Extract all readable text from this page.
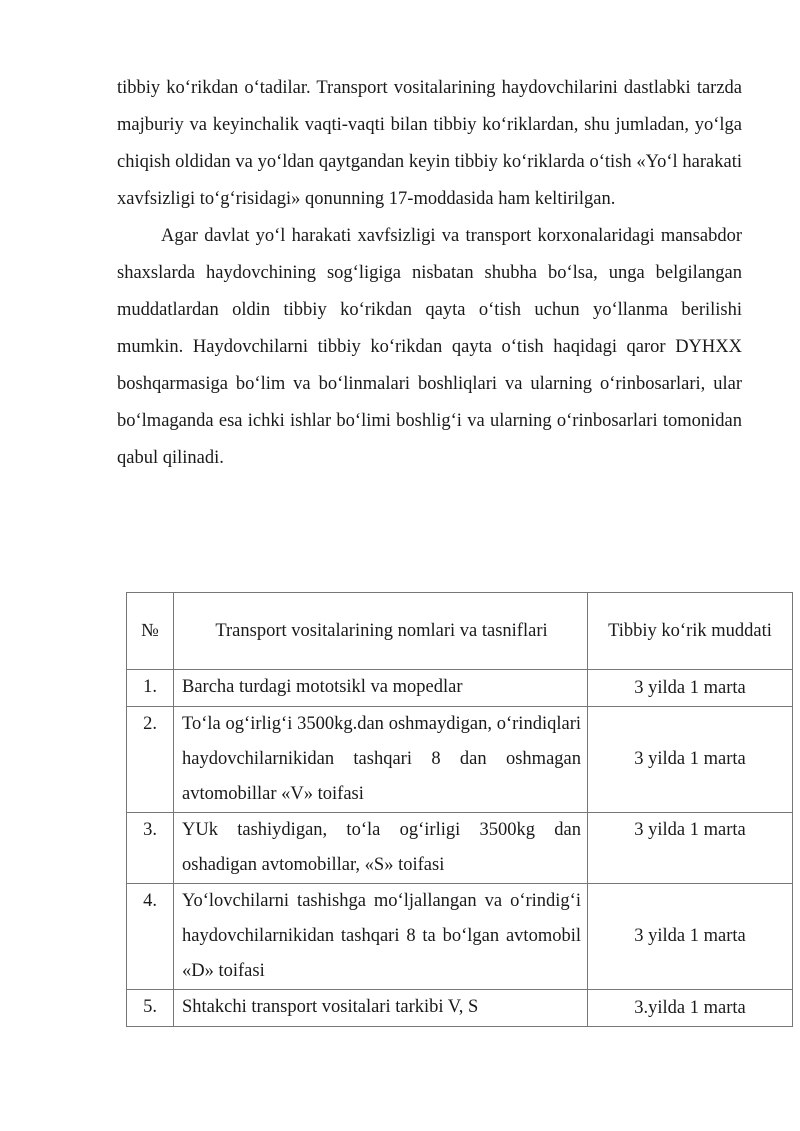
tibbiy ko‘rikdan o‘tadilar. Transport vositalarining haydovchilarini dastlabki tarzda majburiy va keyinchalik vaqti-vaqti bilan tibbiy ko‘riklardan, shu jumladan, yo‘lga chiqish oldidan va yo‘ldan qaytgandan keyin tibbiy ko‘riklarda o‘tish «Yo‘l harakati xavfsizligi to‘g‘risidagi» qonunning 17-moddasida ham keltirilgan.

Agar davlat yo‘l harakati xavfsizligi va transport korxonalaridagi mansabdor shaxslarda haydovchining sog‘ligiga nisbatan shubha bo‘lsa, unga belgilangan muddatlardan oldin tibbiy ko‘rikdan qayta o‘tish uchun yo‘llanma berilishi mumkin. Haydovchilarni tibbiy ko‘rikdan qayta o‘tish haqidagi qaror DYHXX boshqarmasiga bo‘lim va bo‘linmalari boshliqlari va ularning o‘rinbosarlari, ular bo‘lmaganda esa ichki ishlar bo‘limi boshlig‘i va ularning o‘rinbosarlari tomonidan qabul qilinadi.

№	Transport vositalarining nomlari va tasniflari	Tibbiy ko‘rik muddati
1.	Barcha turdagi mototsikl va mopedlar	3 yilda 1 marta
2.	To‘la og‘irlig‘i 3500kg.dan oshmaydigan, o‘rindiqlari haydovchilarnikidan tashqari 8 dan oshmagan avtomobillar «V» toifasi	3 yilda 1 marta
3.	YUk tashiydigan, to‘la og‘irligi 3500kg dan oshadigan avtomobillar, «S» toifasi	3 yilda 1 marta
4.	Yo‘lovchilarni tashishga mo‘ljallangan va o‘rindig‘i haydovchilarnikidan tashqari 8 ta bo‘lgan avtomobil «D» toifasi	3 yilda 1 marta
5.	Shtakchi transport vositalari tarkibi V, S	3.yilda 1 marta
